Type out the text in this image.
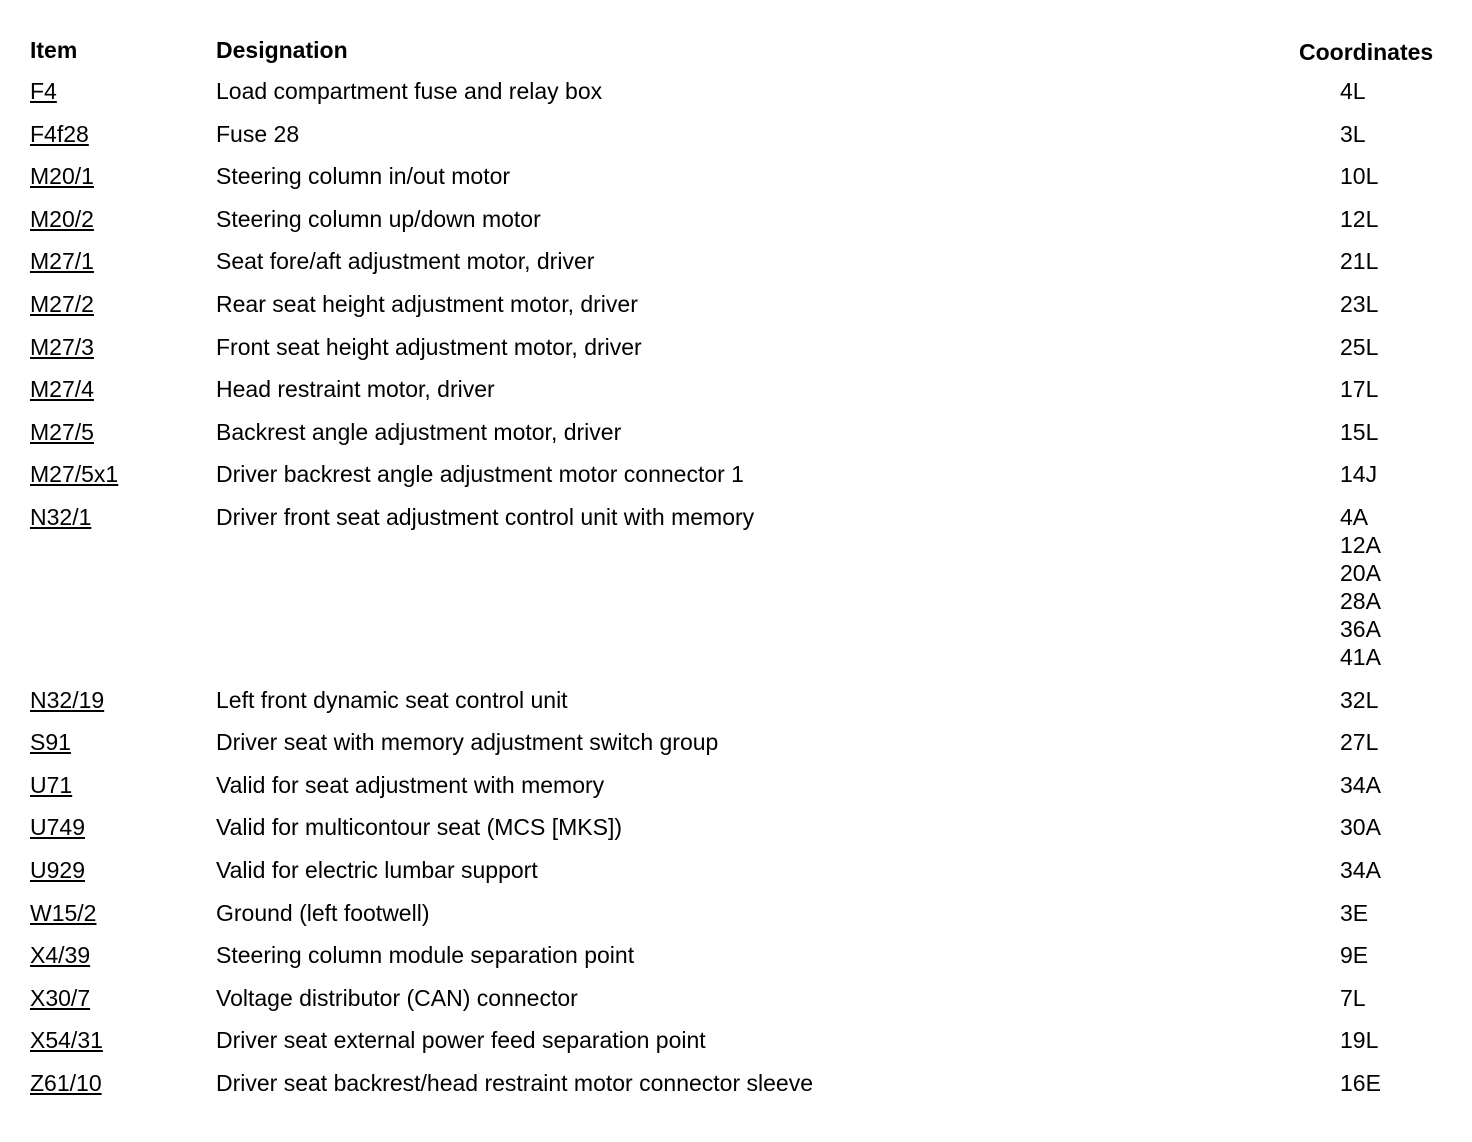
Item	Designation	Coordinates
F4	Load compartment fuse and relay box	4L
F4f28	Fuse 28	3L
M20/1	Steering column in/out motor	10L
M20/2	Steering column up/down motor	12L
M27/1	Seat fore/aft adjustment motor, driver	21L
M27/2	Rear seat height adjustment motor, driver	23L
M27/3	Front seat height adjustment motor, driver	25L
M27/4	Head restraint motor, driver	17L
M27/5	Backrest angle adjustment motor, driver	15L
M27/5x1	Driver backrest angle adjustment motor connector 1	14J
N32/1	Driver front seat adjustment control unit with memory	4A
12A
20A
28A
36A
41A
N32/19	Left front dynamic seat control unit	32L
S91	Driver seat with memory adjustment switch group	27L
U71	Valid for seat adjustment with memory	34A
U749	Valid for multicontour seat (MCS [MKS])	30A
U929	Valid for electric lumbar support	34A
W15/2	Ground (left footwell)	3E
X4/39	Steering column module separation point	9E
X30/7	Voltage distributor (CAN) connector	7L
X54/31	Driver seat external power feed separation point	19L
Z61/10	Driver seat backrest/head restraint motor connector sleeve	16E
